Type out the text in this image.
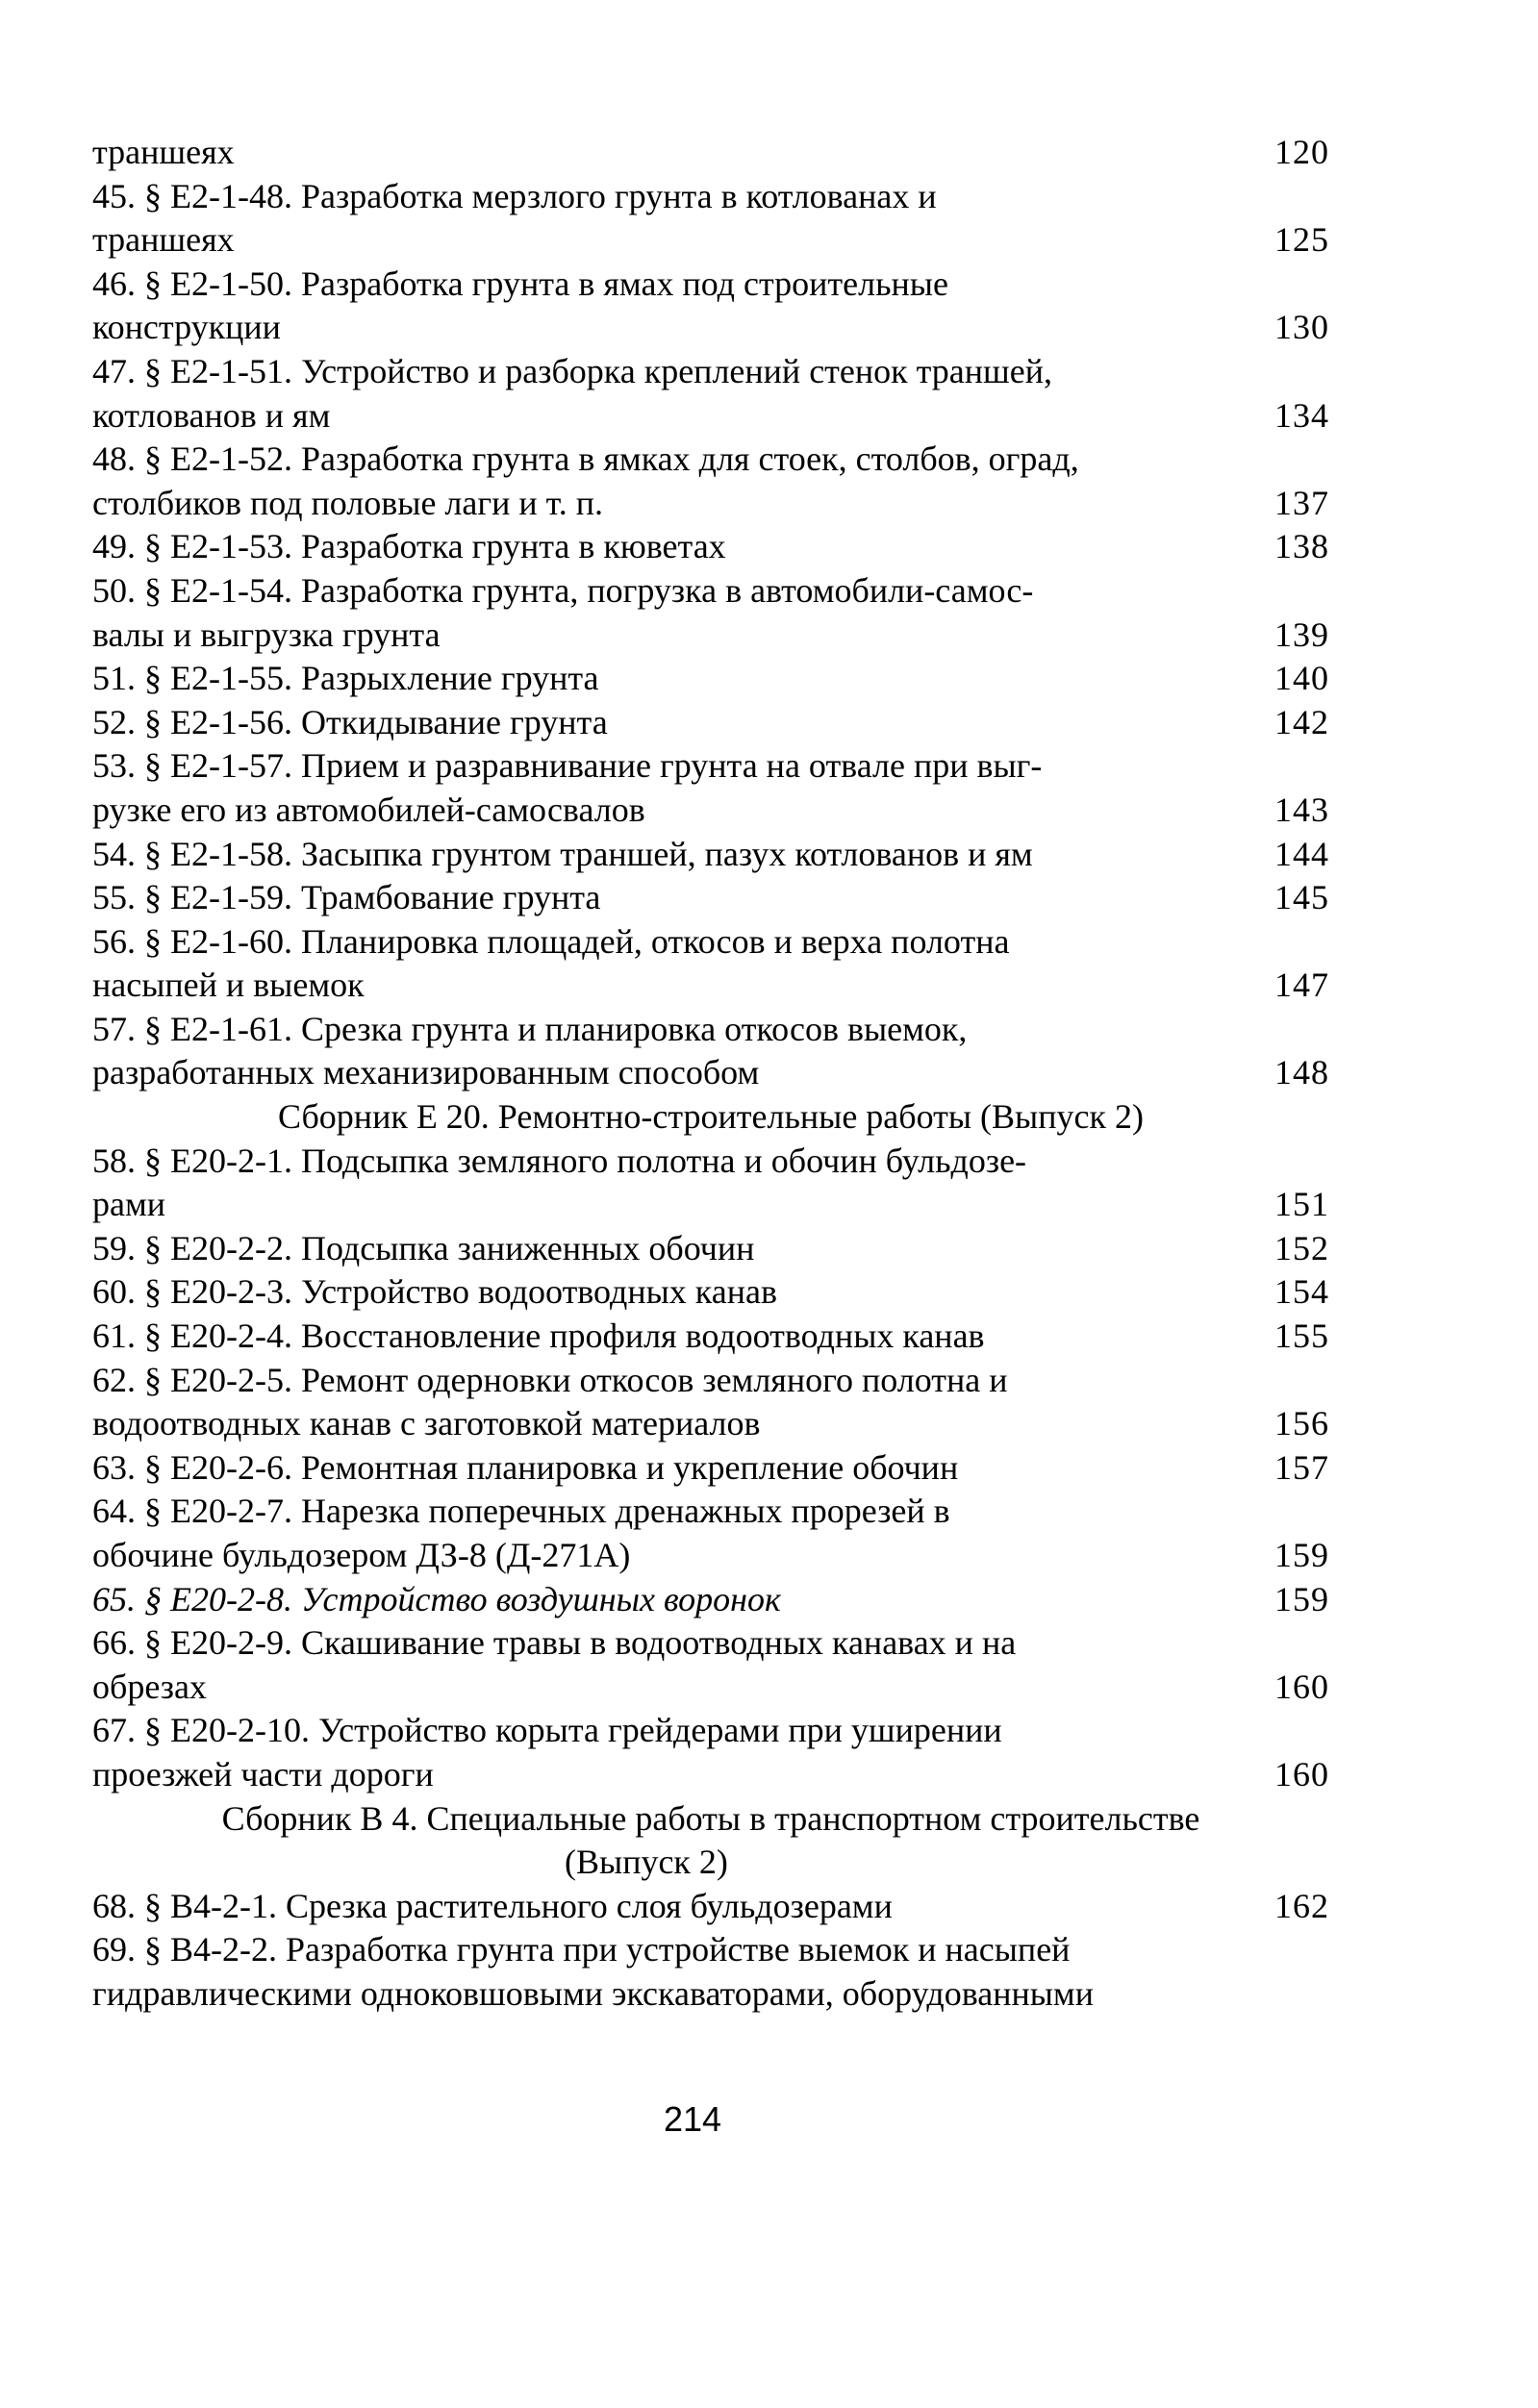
траншеях	120
45. § Е2-1-48. Разработка мерзлого грунта в котлованах и
траншеях	125
46. § Е2-1-50. Разработка грунта в ямах под строительные
конструкции	130
47. § Е2-1-51. Устройство и разборка креплений стенок траншей,
котлованов и ям	134
48. § Е2-1-52. Разработка грунта в ямках для стоек, столбов, оград,
столбиков под половые лаги и т. п.	137
49. § Е2-1-53. Разработка грунта в кюветах	138
50. § Е2-1-54. Разработка грунта, погрузка в автомобили-самос-
валы и выгрузка грунта	139
51. § Е2-1-55. Разрыхление грунта	140
52. § Е2-1-56. Откидывание грунта	142
53. § Е2-1-57. Прием и разравнивание грунта на отвале при выг-
рузке его из автомобилей-самосвалов	143
54. § Е2-1-58. Засыпка грунтом траншей, пазух котлованов и ям	144
55. § Е2-1-59. Трамбование грунта	145
56. § Е2-1-60. Планировка площадей, откосов и верха полотна
насыпей и выемок	147
57. § Е2-1-61. Срезка грунта и планировка откосов выемок,
разработанных механизированным способом	148
Сборник Е 20. Ремонтно-строительные работы (Выпуск 2)
58. § Е20-2-1. Подсыпка земляного полотна и обочин бульдозе-
рами	151
59. § Е20-2-2. Подсыпка заниженных обочин	152
60. § Е20-2-3. Устройство водоотводных канав	154
61. § Е20-2-4. Восстановление профиля водоотводных канав	155
62. § Е20-2-5. Ремонт одерновки откосов земляного полотна и
водоотводных канав с заготовкой материалов	156
63. § Е20-2-6. Ремонтная планировка и укрепление обочин	157
64. § Е20-2-7. Нарезка поперечных дренажных прорезей в
обочине бульдозером ДЗ-8 (Д-271А)	159
65. § Е20-2-8. Устройство воздушных воронок	159
66. § Е20-2-9. Скашивание травы в водоотводных канавах и на
обрезах	160
67. § Е20-2-10. Устройство корыта грейдерами при уширении
проезжей части дороги	160
Сборник В 4. Специальные работы в транспортном строительстве
(Выпуск 2)
68. § В4-2-1. Срезка растительного слоя бульдозерами	162
69. § В4-2-2. Разработка грунта при устройстве выемок и насыпей
гидравлическими одноковшовыми экскаваторами, оборудованными
214
